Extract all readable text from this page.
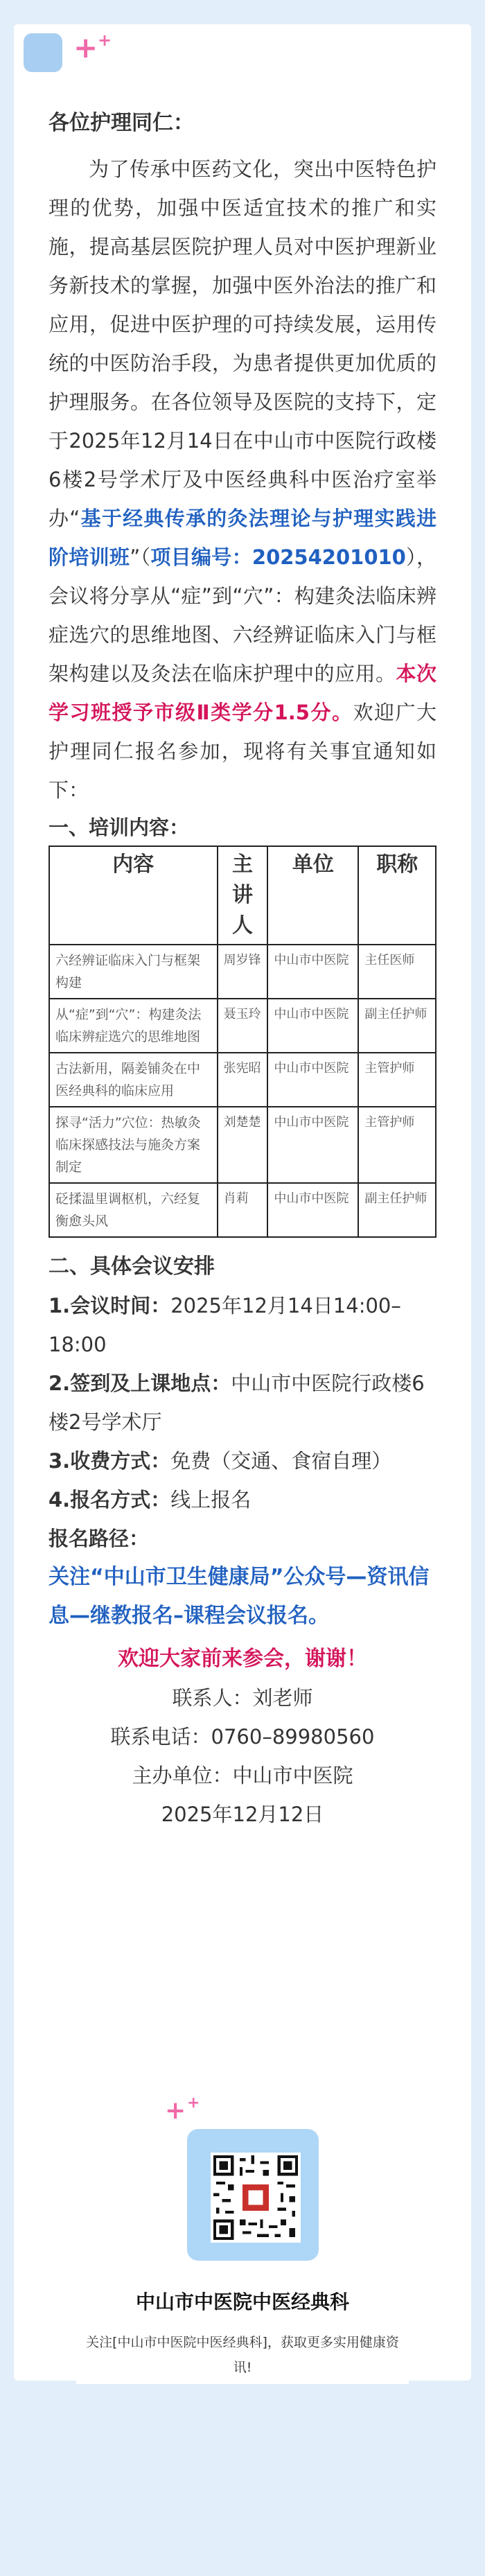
+ +
各位护理同仁：

为了传承中医药文化，突出中医特色护理的优势，加强中医适宜技术的推广和实施，提高基层医院护理人员对中医护理新业务新技术的掌握，加强中医外治法的推广和应用，促进中医护理的可持续发展，运用传统的中医防治手段，为患者提供更加优质的护理服务。在各位领导及医院的支持下，定于2025年12月14日在中山市中医院行政楼6楼2号学术厅及中医经典科中医治疗室举办“基于经典传承的灸法理论与护理实践进阶培训班”（项目编号：20254201010），会议将分享从“症”到“穴”：构建灸法临床辨症选穴的思维地图、六经辨证临床入门与框架构建以及灸法在临床护理中的应用。本次学习班授予市级Ⅱ类学分1.5分。欢迎广大护理同仁报名参加，现将有关事宜通知如下：

一、培训内容：
内容	主讲人	单位	职称
六经辨证临床入门与框架构建	周岁锋	中山市中医院	主任医师
从“症”到“穴”：构建灸法临床辨症选穴的思维地图	聂玉玲	中山市中医院	副主任护师
古法新用，隔姜铺灸在中医经典科的临床应用	张宪昭	中山市中医院	主管护师
探寻“活力”穴位：热敏灸临床探感技法与施灸方案制定	刘楚楚	中山市中医院	主管护师
砭揉温里调枢机，六经复衡愈头风	肖莉	中山市中医院	副主任护师
二、具体会议安排
1.会议时间：2025年12月14日14:00–18:00
2.签到及上课地点：中山市中医院行政楼6楼2号学术厅
3.收费方式：免费（交通、食宿自理）
4.报名方式：线上报名
报名路径：
关注“中山市卫生健康局”公众号—资讯信息—继教报名–课程会议报名。
欢迎大家前来参会，谢谢！
联系人：刘老师
联系电话：0760–89980560
主办单位：中山市中医院
2025年12月12日
+ +
中山市中医院中医经典科
关注[中山市中医院中医经典科]，获取更多实用健康资
讯!
